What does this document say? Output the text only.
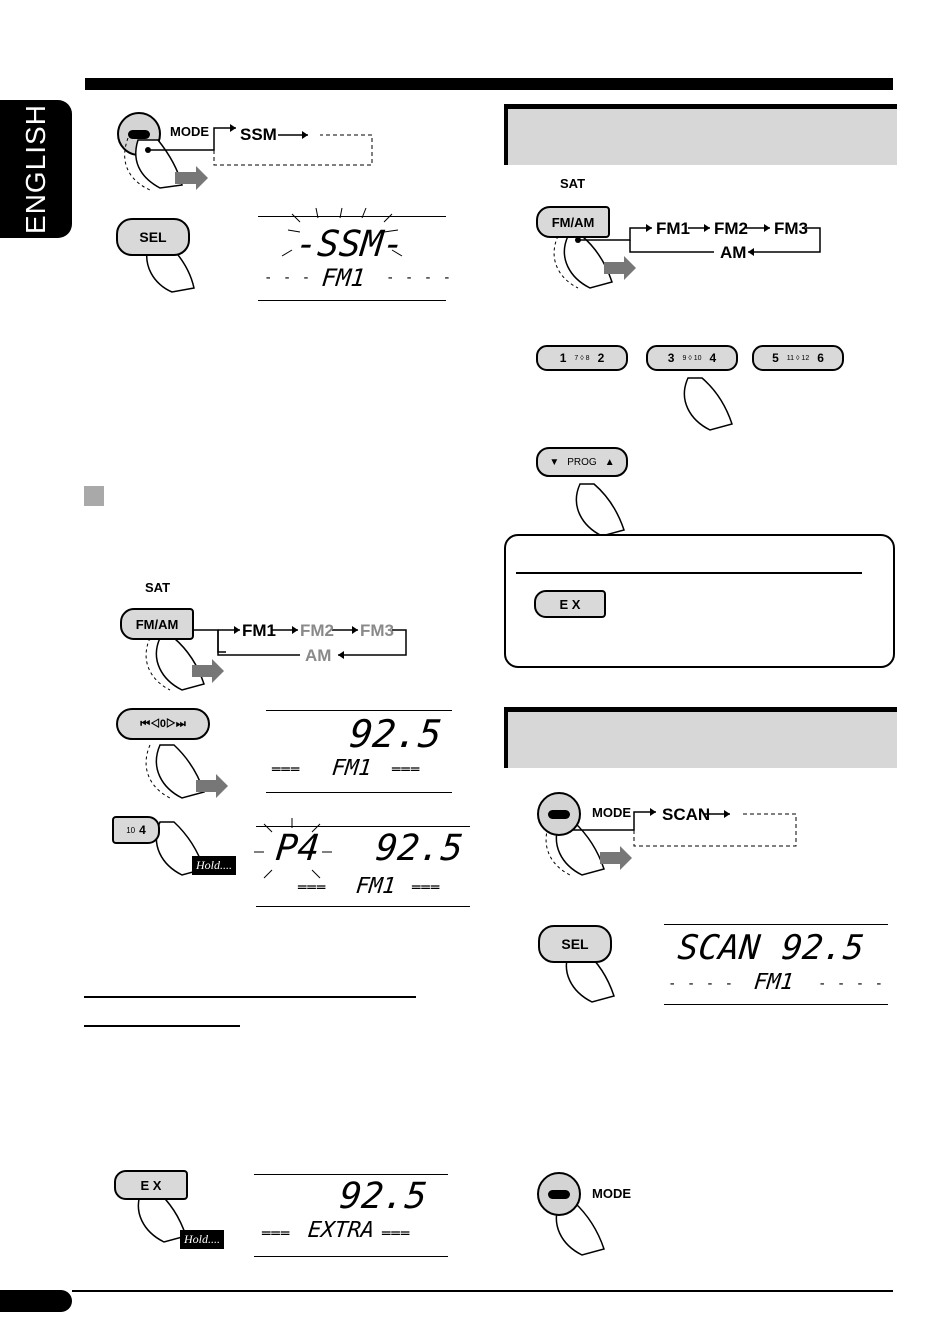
ENGLISH	MODE SSM
SEL	-SSM-
- - - FM1 - - - -
SAT
FM/AM	FM1 FM2 FM3
AM
⏮◁0▷⏭	92.5
═══ FM1 ═══
10 4
Hold.... P4 92.5
═══ FM1 ═══
E X
Hold....
92.5
═══ EXTRA ═══
SAT
FM/AM	FM1 FM2 FM3
AM
1 7 ◊ 8 2	3 9 ◊ 10 4	5 11 ◊ 12 6
▼ PROG ▲
E X
MODE SCAN
SEL	SCAN 92.5
- - - - FM1 - - - -
MODE
